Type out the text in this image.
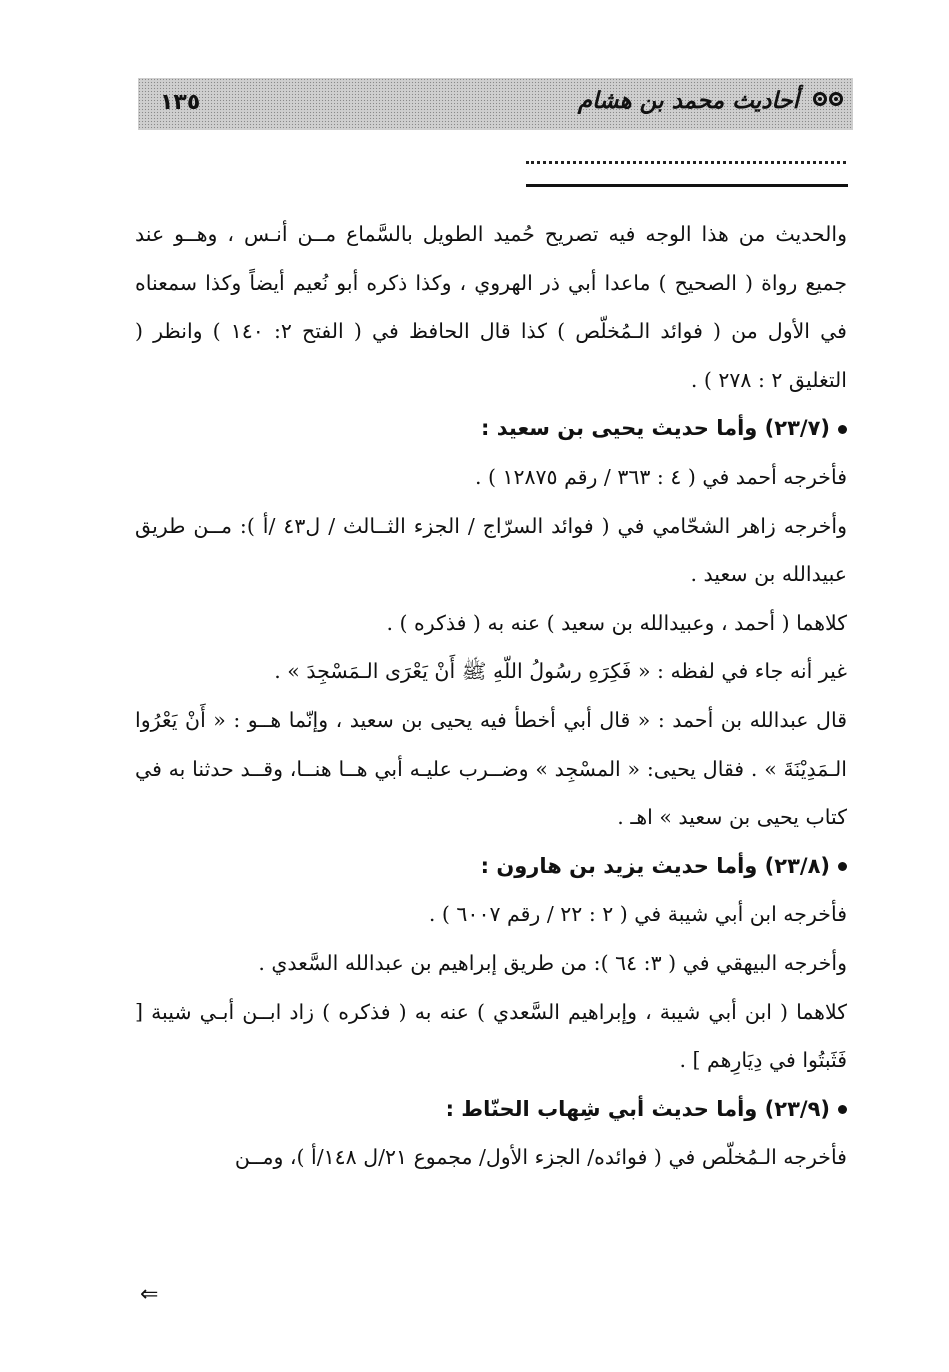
أحاديث محمد بن هشام
١٣٥

والحديث من هذا الوجه فيه تصريح حُميد الطويل بالسَّماع مــن أنـس ، وهــو عند جميع رواة ( الصحيح ) ماعدا أبي ذر الهروي ، وكذا ذكره أبو نُعيم أيضاً وكذا سمعناه في الأول من ( فوائد الـمُخلّص ) كذا قال الحافظ في ( الفتح ٢: ١٤٠ ) وانظر ( التغليق ٢ : ٢٧٨ ) .

(٢٣/٧) وأما حديث يحيى بن سعيد :

فأخرجه أحمد في ( ٤ : ٣٦٣ / رقم ١٢٨٧٥ ) .

وأخرجه زاهر الشحّامي في ( فوائد السرّاج / الجزء الثــالث / ل٤٣ /أ ): مــن طريق عبيدالله بن سعيد .

كلاهما ( أحمد ، وعبيدالله بن سعيد ) عنه به ( فذكره ) .

غير أنه جاء في لفظه : « فَكِرَهِ رسُولُ اللّهِ ﷺ أَنْ يَعْرَى الـمَسْجِدَ » .

قال عبدالله بن أحمد : « قال أبي أخطأ فيه يحيى بن سعيد ، وإنّما هــو : « أَنْ يَعْرُوا الـمَدِيْنَةَ » . فقال يحيى: « المسْجِد » وضــرب عليـه أبي هــا هنــا، وقــد حدثنا به في كتاب يحيى بن سعيد » اهـ .

(٢٣/٨) وأما حديث يزيد بن هارون :

فأخرجه ابن أبي شيبة في ( ٢ : ٢٢ / رقم ٦٠٠٧ ) .

وأخرجه البيهقي في ( ٣: ٦٤ ): من طريق إبراهيم بن عبدالله السَّعدي .

كلاهما ( ابن أبي شيبة ، وإبراهيم السَّعدي ) عنه به ( فذكره ) زاد ابــن أبـي شيبة [ فَثَبتُوا في دِيَارِهم ] .

(٢٣/٩) وأما حديث أبي شِهاب الحنّاط :

فأخرجه الـمُخلّص في ( فوائده/ الجزء الأول/ مجموع ٢١/ل ١٤٨/أ )، ومــن

⇐
